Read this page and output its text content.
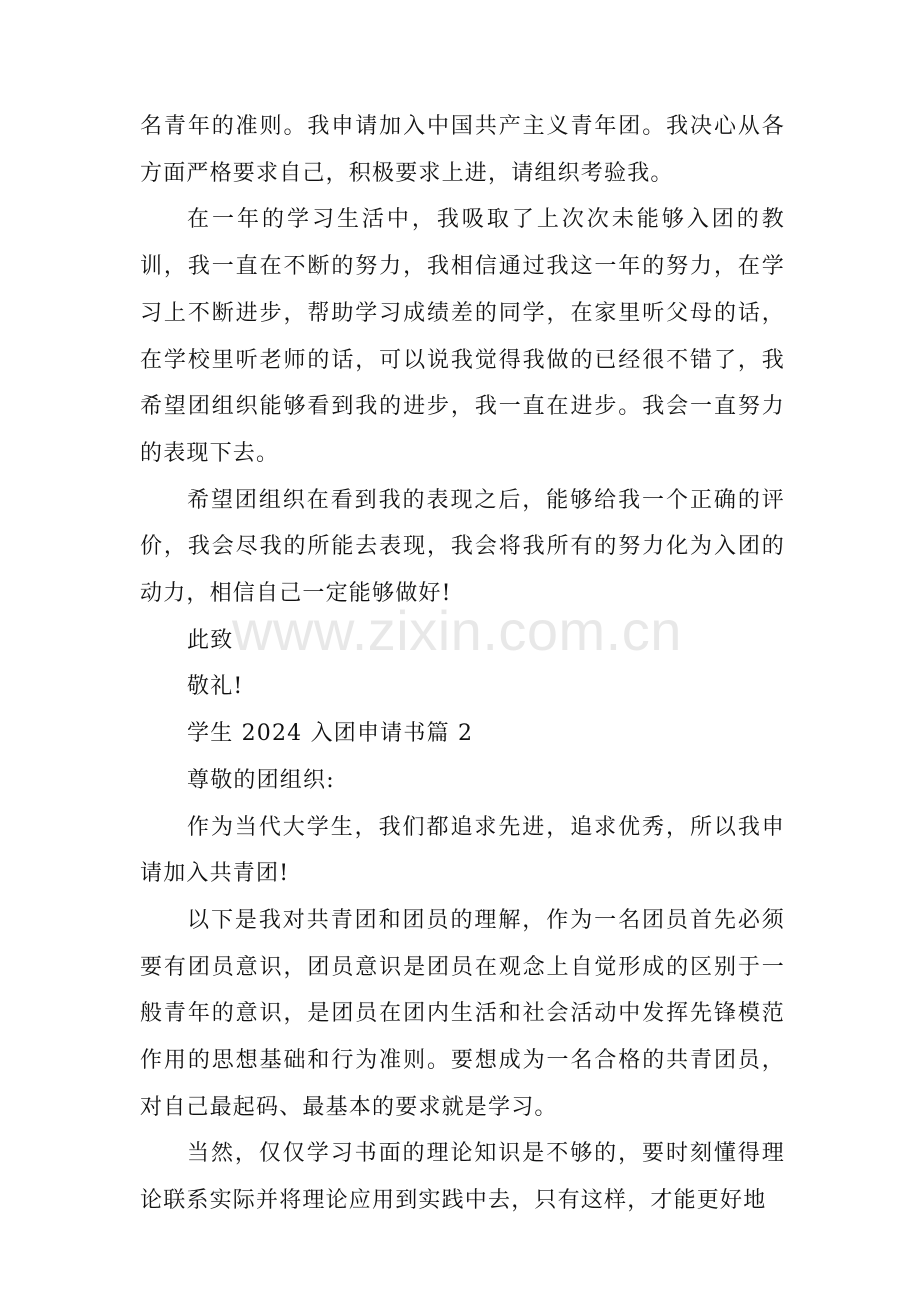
名青年的准则。我申请加入中国共产主义青年团。我决心从各方面严格要求自己，积极要求上进，请组织考验我。

在一年的学习生活中，我吸取了上次次未能够入团的教训，我一直在不断的努力，我相信通过我这一年的努力，在学习上不断进步，帮助学习成绩差的同学，在家里听父母的话，在学校里听老师的话，可以说我觉得我做的已经很不错了，我希望团组织能够看到我的进步，我一直在进步。我会一直努力的表现下去。

希望团组织在看到我的表现之后，能够给我一个正确的评价，我会尽我的所能去表现，我会将我所有的努力化为入团的动力，相信自己一定能够做好!

此致

敬礼!

学生 2024 入团申请书篇 2

尊敬的团组织:

作为当代大学生，我们都追求先进，追求优秀，所以我申请加入共青团!

以下是我对共青团和团员的理解，作为一名团员首先必须要有团员意识，团员意识是团员在观念上自觉形成的区别于一般青年的意识，是团员在团内生活和社会活动中发挥先锋模范作用的思想基础和行为准则。要想成为一名合格的共青团员，对自己最起码、最基本的要求就是学习。

当然，仅仅学习书面的理论知识是不够的，要时刻懂得理论联系实际并将理论应用到实践中去，只有这样，才能更好地

www.zixin.com.cn
